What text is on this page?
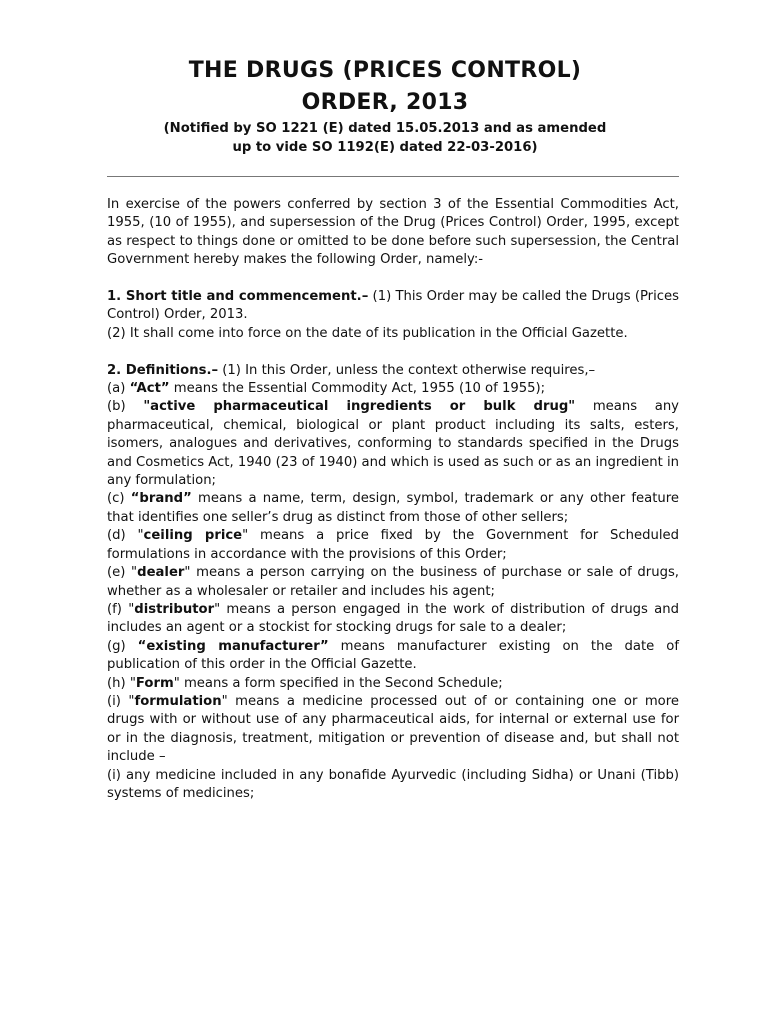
THE DRUGS (PRICES CONTROL)
ORDER, 2013

(Notified by SO 1221 (E) dated 15.05.2013 and as amended
up to vide SO 1192(E) dated 22-03-2016)

In exercise of the powers conferred by section 3 of the Essential Commodities Act, 1955, (10 of 1955), and supersession of the Drug (Prices Control) Order, 1995, except as respect to things done or omitted to be done before such supersession, the Central Government hereby makes the following Order, namely:-

1. Short title and commencement.– (1) This Order may be called the Drugs (Prices Control) Order, 2013.

(2) It shall come into force on the date of its publication in the Official Gazette.

2. Definitions.– (1) In this Order, unless the context otherwise requires,–

(a) “Act” means the Essential Commodity Act, 1955 (10 of 1955);

(b) "active pharmaceutical ingredients or bulk drug" means any pharmaceutical, chemical, biological or plant product including its salts, esters, isomers, analogues and derivatives, conforming to standards specified in the Drugs and Cosmetics Act, 1940 (23 of 1940) and which is used as such or as an ingredient in any formulation;

(c) “brand” means a name, term, design, symbol, trademark or any other feature that identifies one seller’s drug as distinct from those of other sellers;

(d) "ceiling price" means a price fixed by the Government for Scheduled formulations in accordance with the provisions of this Order;

(e) "dealer" means a person carrying on the business of purchase or sale of drugs, whether as a wholesaler or retailer and includes his agent;

(f) "distributor" means a person engaged in the work of distribution of drugs and includes an agent or a stockist for stocking drugs for sale to a dealer;

(g) “existing manufacturer” means manufacturer existing on the date of publication of this order in the Official Gazette.

(h) "Form" means a form specified in the Second Schedule;

(i) "formulation" means a medicine processed out of or containing one or more drugs with or without use of any pharmaceutical aids, for internal or external use for or in the diagnosis, treatment, mitigation or prevention of disease and, but shall not include –

(i) any medicine included in any bonafide Ayurvedic (including Sidha) or Unani (Tibb) systems of medicines;
